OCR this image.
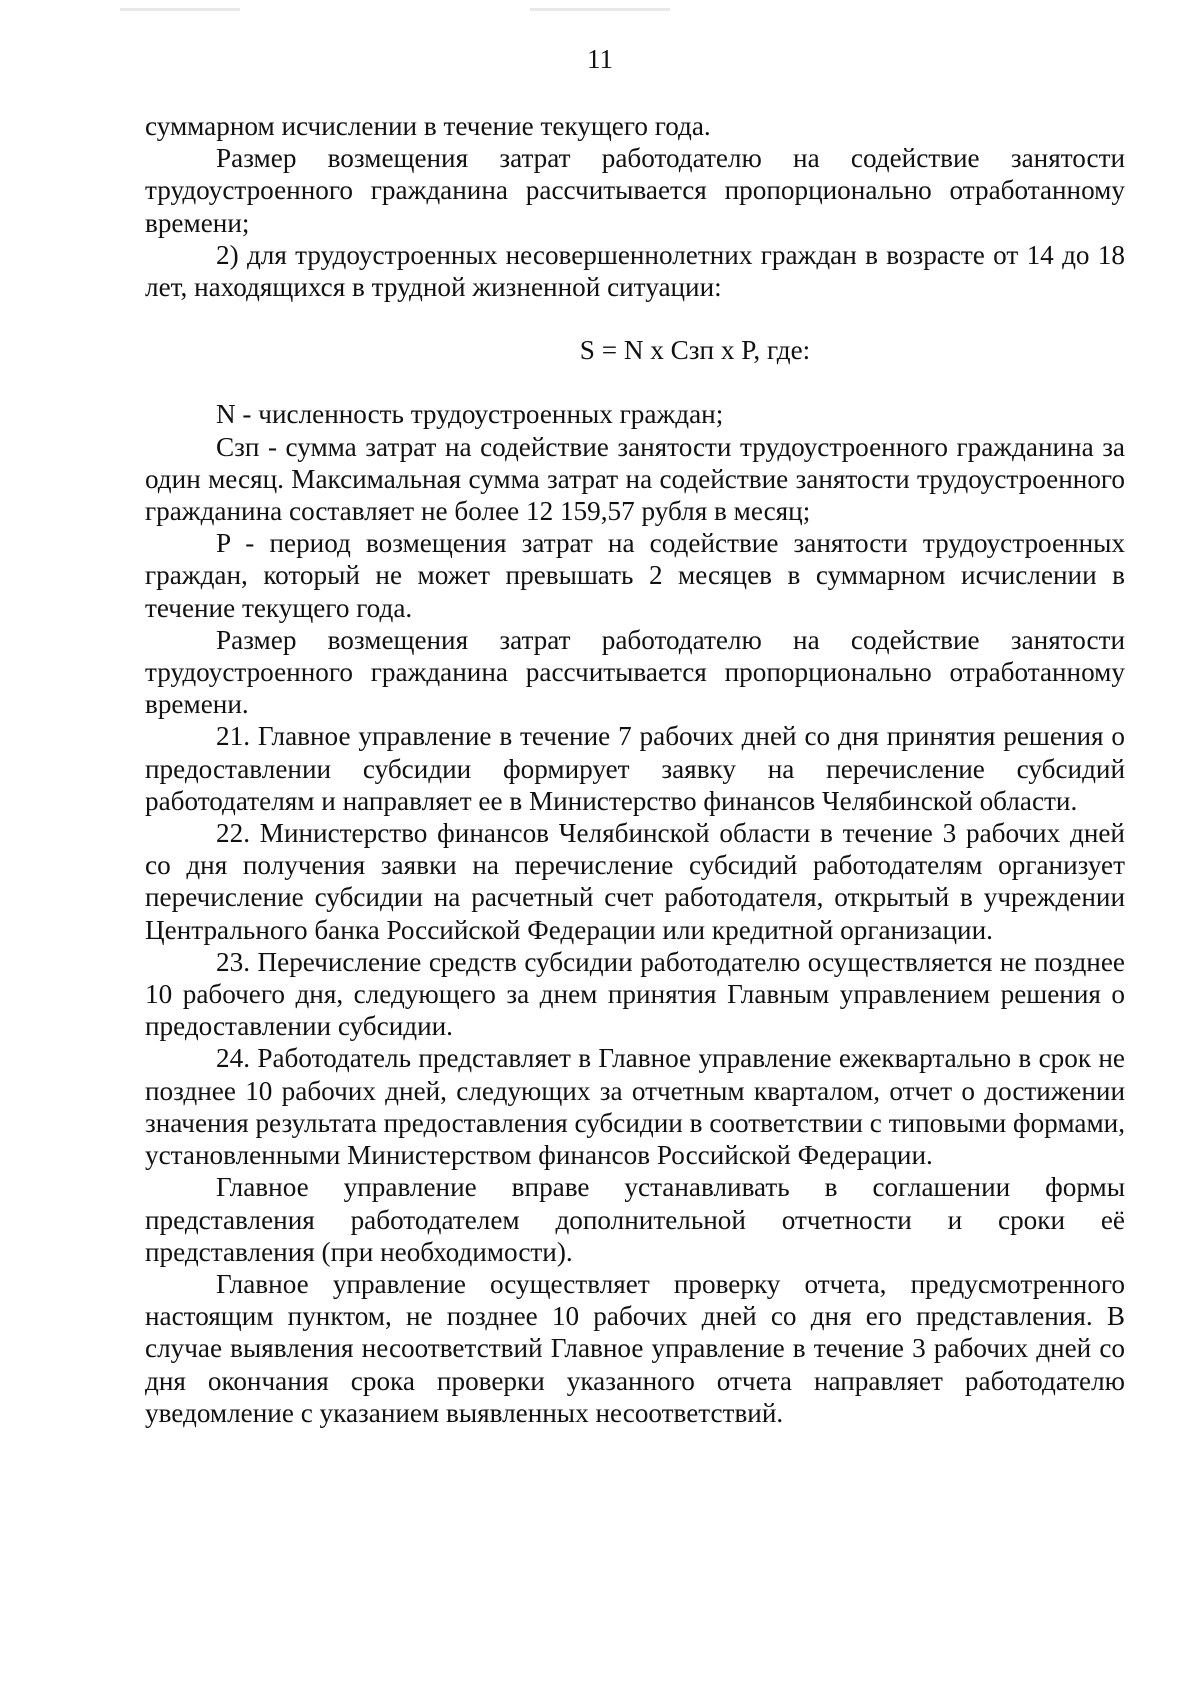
11

суммарном исчислении в течение текущего года.

Размер возмещения затрат работодателю на содействие занятости трудоустроенного гражданина рассчитывается пропорционально отработанному времени;

2) для трудоустроенных несовершеннолетних граждан в возрасте от 14 до 18 лет, находящихся в трудной жизненной ситуации:

S = N x Сзп x P, где:

N - численность трудоустроенных граждан;

Сзп - сумма затрат на содействие занятости трудоустроенного гражданина за один месяц. Максимальная сумма затрат на содействие занятости трудоустроенного гражданина составляет не более 12 159,57 рубля в месяц;

P - период возмещения затрат на содействие занятости трудоустроенных граждан, который не может превышать 2 месяцев в суммарном исчислении в течение текущего года.

Размер возмещения затрат работодателю на содействие занятости трудоустроенного гражданина рассчитывается пропорционально отработанному времени.

21. Главное управление в течение 7 рабочих дней со дня принятия решения о предоставлении субсидии формирует заявку на перечисление субсидий работодателям и направляет ее в Министерство финансов Челябинской области.

22. Министерство финансов Челябинской области в течение 3 рабочих дней со дня получения заявки на перечисление субсидий работодателям организует перечисление субсидии на расчетный счет работодателя, открытый в учреждении Центрального банка Российской Федерации или кредитной организации.

23. Перечисление средств субсидии работодателю осуществляется не позднее 10 рабочего дня, следующего за днем принятия Главным управлением решения о предоставлении субсидии.

24. Работодатель представляет в Главное управление ежеквартально в срок не позднее 10 рабочих дней, следующих за отчетным кварталом, отчет о достижении значения результата предоставления субсидии в соответствии с типовыми формами, установленными Министерством финансов Российской Федерации.

Главное управление вправе устанавливать в соглашении формы представления работодателем дополнительной отчетности и сроки её представления (при необходимости).

Главное управление осуществляет проверку отчета, предусмотренного настоящим пунктом, не позднее 10 рабочих дней со дня его представления. В случае выявления несоответствий Главное управление в течение 3 рабочих дней со дня окончания срока проверки указанного отчета направляет работодателю уведомление с указанием выявленных несоответствий.
